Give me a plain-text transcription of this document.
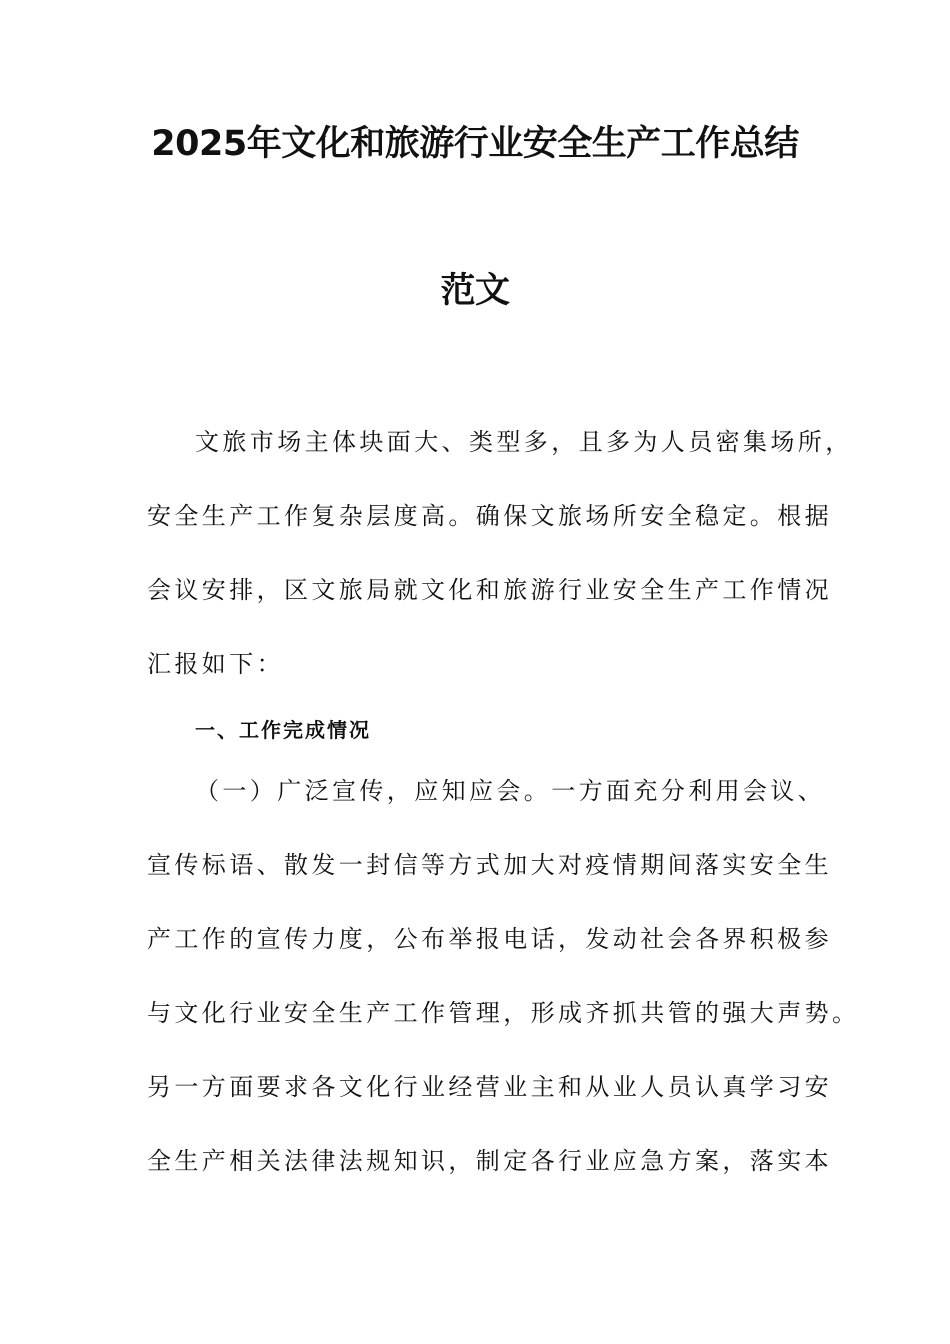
2025年文化和旅游行业安全生产工作总结
范文
文旅市场主体块面大、类型多，且多为人员密集场所，
安全生产工作复杂层度高。确保文旅场所安全稳定。根据
会议安排，区文旅局就文化和旅游行业安全生产工作情况
汇报如下：
一、工作完成情况
（一）广泛宣传，应知应会。一方面充分利用会议、
宣传标语、散发一封信等方式加大对疫情期间落实安全生
产工作的宣传力度，公布举报电话，发动社会各界积极参
与文化行业安全生产工作管理，形成齐抓共管的强大声势。
另一方面要求各文化行业经营业主和从业人员认真学习安
全生产相关法律法规知识，制定各行业应急方案，落实本
